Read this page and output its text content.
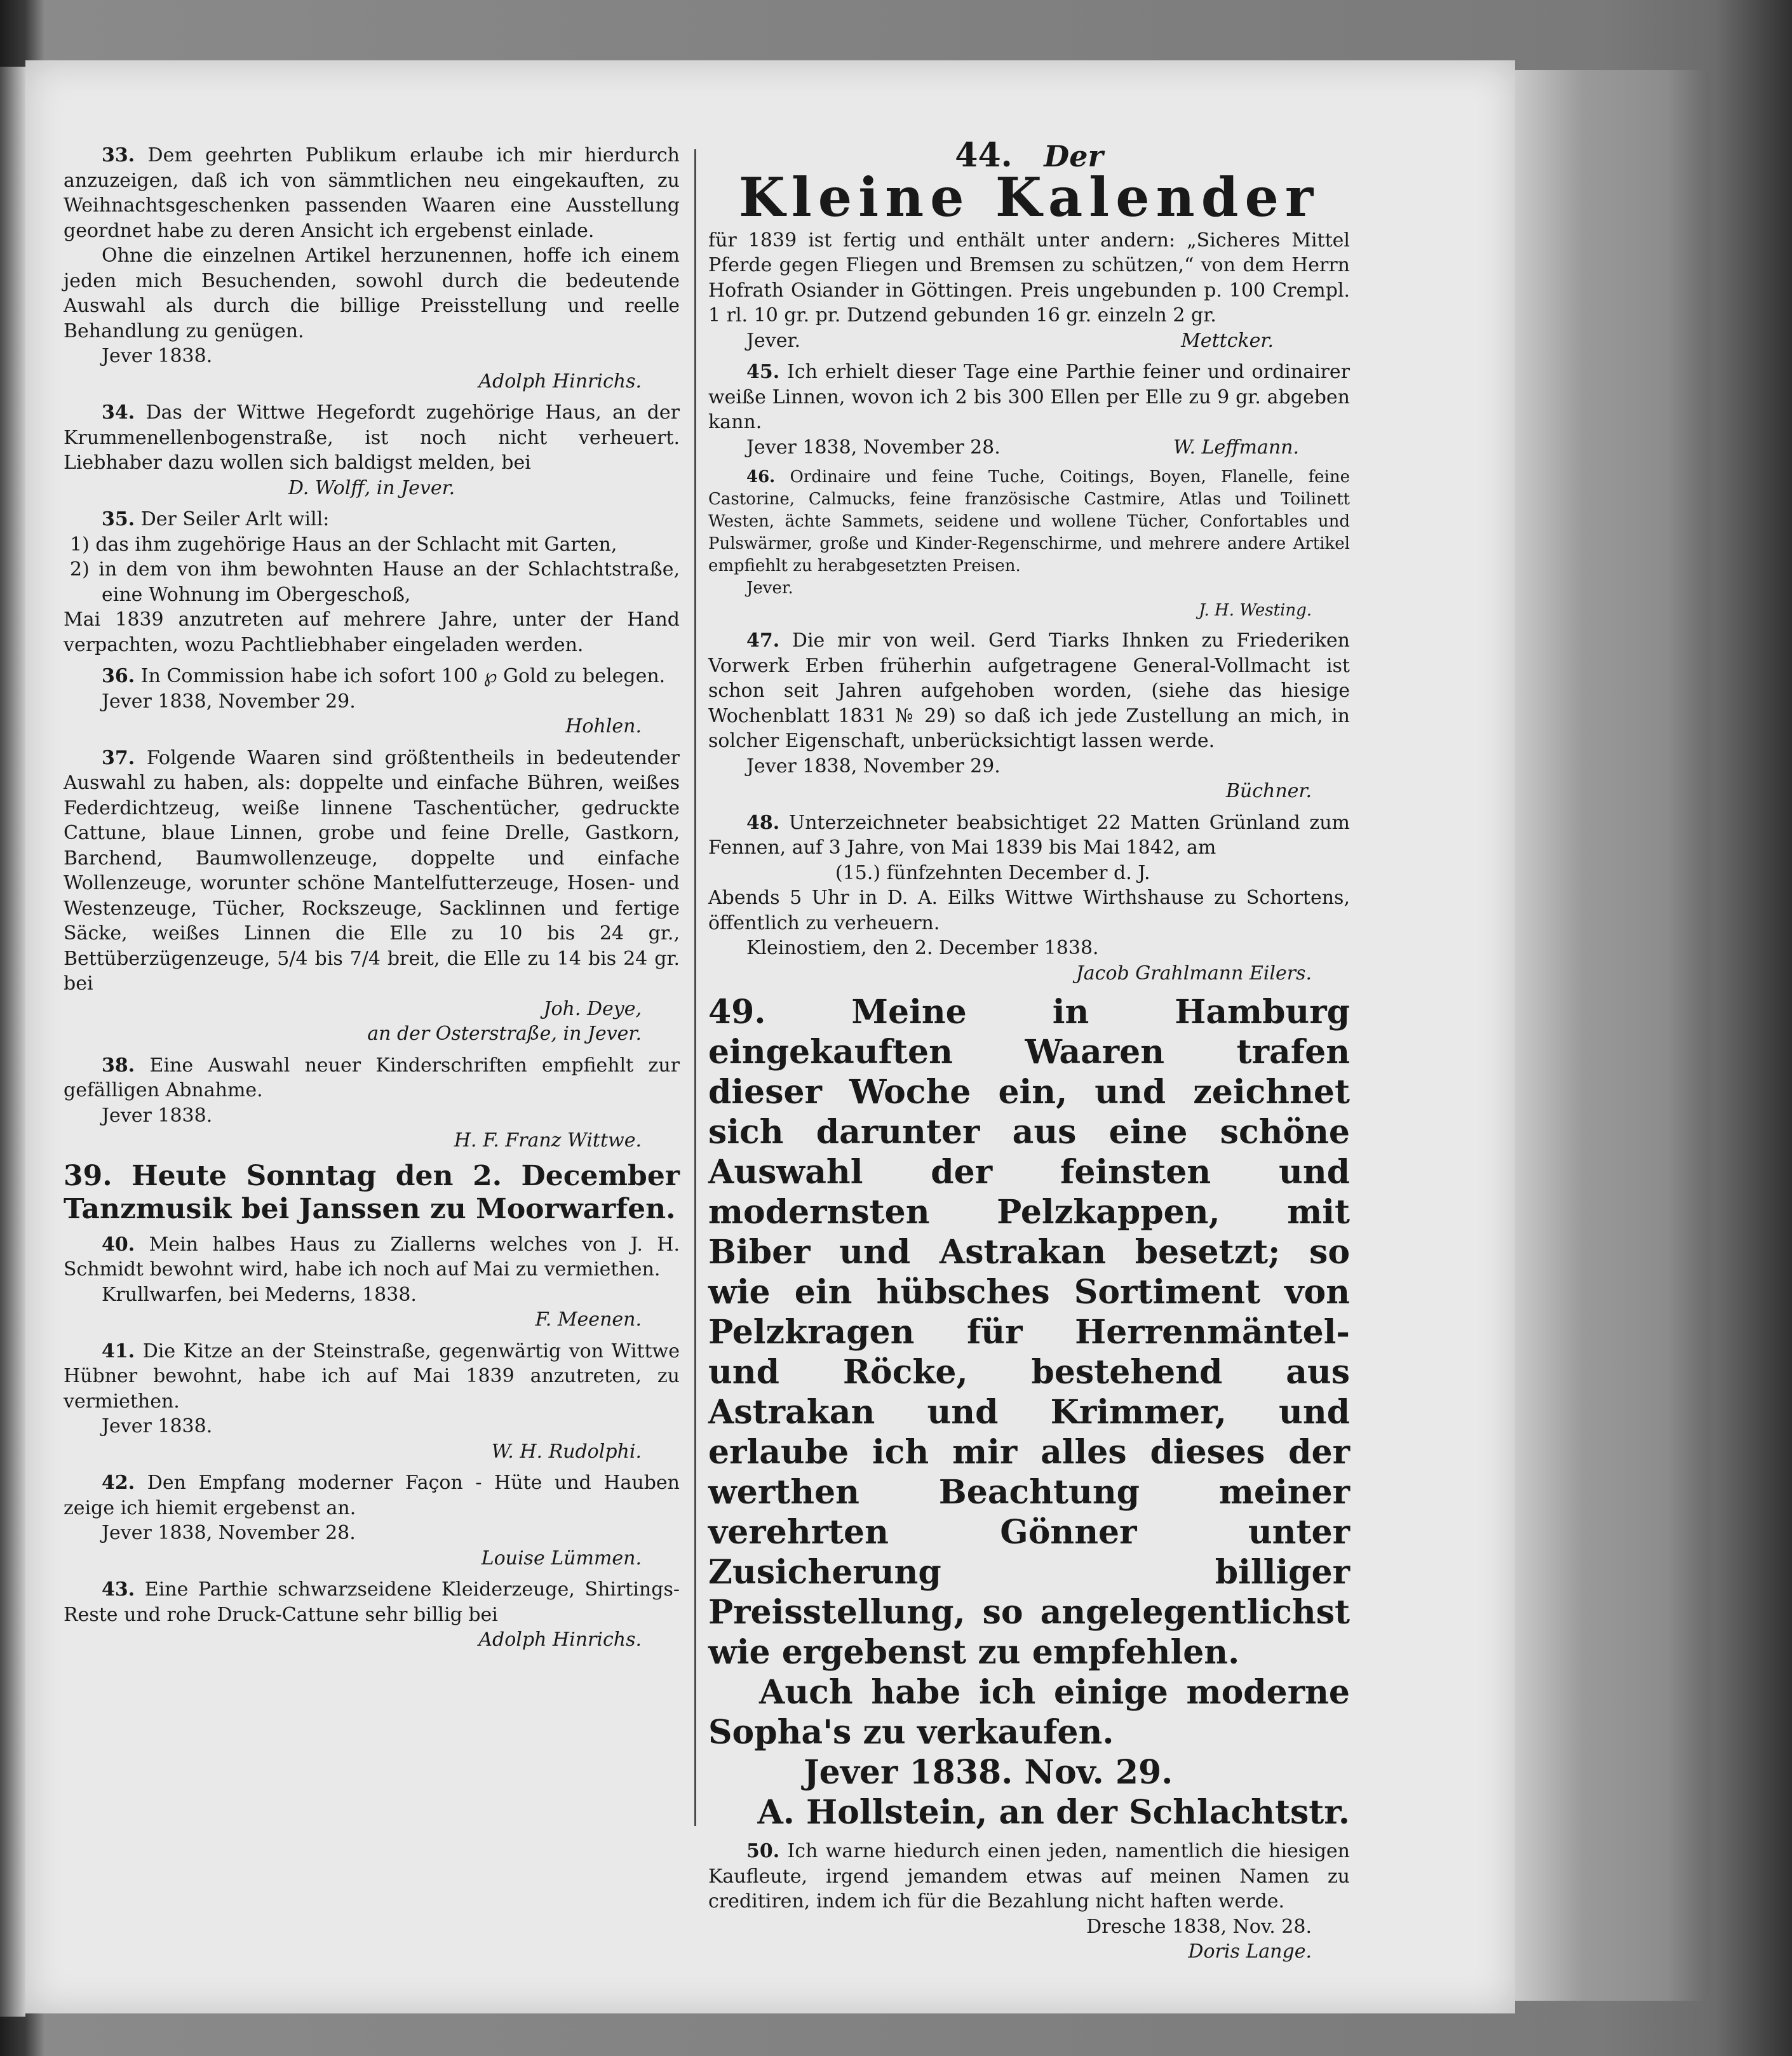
33. Dem geehrten Publikum erlaube ich mir hierdurch anzuzeigen, daß ich von sämmtlichen neu eingekauften, zu Weihnachtsgeschenken passenden Waaren eine Ausstellung geordnet habe zu deren Ansicht ich ergebenst einlade.

Ohne die einzelnen Artikel herzunennen, hoffe ich einem jeden mich Besuchenden, sowohl durch die bedeutende Auswahl als durch die billige Preisstellung und reelle Behandlung zu genügen.

Jever 1838.

Adolph Hinrichs.

34. Das der Wittwe Hegefordt zugehörige Haus, an der Krummenellenbogenstraße, ist noch nicht verheuert. Liebhaber dazu wollen sich baldigst melden, bei

D. Wolff, in Jever.

35. Der Seiler Arlt will:

1) das ihm zugehörige Haus an der Schlacht mit Garten,

2) in dem von ihm bewohnten Hause an der Schlachtstraße, eine Wohnung im Obergeschoß,

Mai 1839 anzutreten auf mehrere Jahre, unter der Hand verpachten, wozu Pachtliebhaber eingeladen werden.

36. In Commission habe ich sofort 100 ℘ Gold zu belegen.

Jever 1838, November 29.

Hohlen.

37. Folgende Waaren sind größtentheils in bedeutender Auswahl zu haben, als: doppelte und einfache Bühren, weißes Federdichtzeug, weiße linnene Taschentücher, gedruckte Cattune, blaue Linnen, grobe und feine Drelle, Gastkorn, Barchend, Baumwollenzeuge, doppelte und einfache Wollenzeuge, worunter schöne Mantelfutterzeuge, Hosen- und Westenzeuge, Tücher, Rockszeuge, Sacklinnen und fertige Säcke, weißes Linnen die Elle zu 10 bis 24 gr., Bettüberzügenzeuge, 5/4 bis 7/4 breit, die Elle zu 14 bis 24 gr. bei

Joh. Deye,

an der Osterstraße, in Jever.

38. Eine Auswahl neuer Kinderschriften empfiehlt zur gefälligen Abnahme.

Jever 1838.

H. F. Franz Wittwe.

39. Heute Sonntag den 2. December Tanzmusik bei Janssen zu Moorwarfen.

40. Mein halbes Haus zu Ziallerns welches von J. H. Schmidt bewohnt wird, habe ich noch auf Mai zu vermiethen.

Krullwarfen, bei Mederns, 1838.

F. Meenen.

41. Die Kitze an der Steinstraße, gegenwärtig von Wittwe Hübner bewohnt, habe ich auf Mai 1839 anzutreten, zu vermiethen.

Jever 1838.

W. H. Rudolphi.

42. Den Empfang moderner Façon - Hüte und Hauben zeige ich hiemit ergebenst an.

Jever 1838, November 28.

Louise Lümmen.

43. Eine Parthie schwarzseidene Kleiderzeuge, Shirtings-Reste und rohe Druck-Cattune sehr billig bei

Adolph Hinrichs.

44. Der
Kleine Kalender

für 1839 ist fertig und enthält unter andern: „Sicheres Mittel Pferde gegen Fliegen und Bremsen zu schützen,“ von dem Herrn Hofrath Osiander in Göttingen. Preis ungebunden p. 100 Crempl. 1 rl. 10 gr. pr. Dutzend gebunden 16 gr. einzeln 2 gr.

Jever.	Mettcker.

45. Ich erhielt dieser Tage eine Parthie feiner und ordinairer weiße Linnen, wovon ich 2 bis 300 Ellen per Elle zu 9 gr. abgeben kann.

Jever 1838, November 28.	W. Leffmann.

46. Ordinaire und feine Tuche, Coitings, Boyen, Flanelle, feine Castorine, Calmucks, feine französische Castmire, Atlas und Toilinett Westen, ächte Sammets, seidene und wollene Tücher, Confortables und Pulswärmer, große und Kinder-Regenschirme, und mehrere andere Artikel empfiehlt zu herabgesetzten Preisen.

Jever.

J. H. Westing.

47. Die mir von weil. Gerd Tiarks Ihnken zu Friederiken Vorwerk Erben früherhin aufgetragene General-Vollmacht ist schon seit Jahren aufgehoben worden, (siehe das hiesige Wochenblatt 1831 № 29) so daß ich jede Zustellung an mich, in solcher Eigenschaft, unberücksichtigt lassen werde.

Jever 1838, November 29.

Büchner.

48. Unterzeichneter beabsichtiget 22 Matten Grünland zum Fennen, auf 3 Jahre, von Mai 1839 bis Mai 1842, am

(15.) fünfzehnten December d. J.

Abends 5 Uhr in D. A. Eilks Wittwe Wirthshause zu Schortens, öffentlich zu verheuern.

Kleinostiem, den 2. December 1838.

Jacob Grahlmann Eilers.

49. Meine in Hamburg eingekauften Waaren trafen dieser Woche ein, und zeichnet sich darunter aus eine schöne Auswahl der feinsten und modernsten Pelzkappen, mit Biber und Astrakan besetzt; so wie ein hübsches Sortiment von Pelzkragen für Herrenmäntel- und Röcke, bestehend aus Astrakan und Krimmer, und erlaube ich mir alles dieses der werthen Beachtung meiner verehrten Gönner unter Zusicherung billiger Preisstellung, so angelegentlichst wie ergebenst zu empfehlen.

Auch habe ich einige moderne Sopha's zu verkaufen.

Jever 1838. Nov. 29.

A. Hollstein, an der Schlachtstr.

50. Ich warne hiedurch einen jeden, namentlich die hiesigen Kaufleute, irgend jemandem etwas auf meinen Namen zu creditiren, indem ich für die Bezahlung nicht haften werde.

Dresche 1838, Nov. 28.

Doris Lange.
